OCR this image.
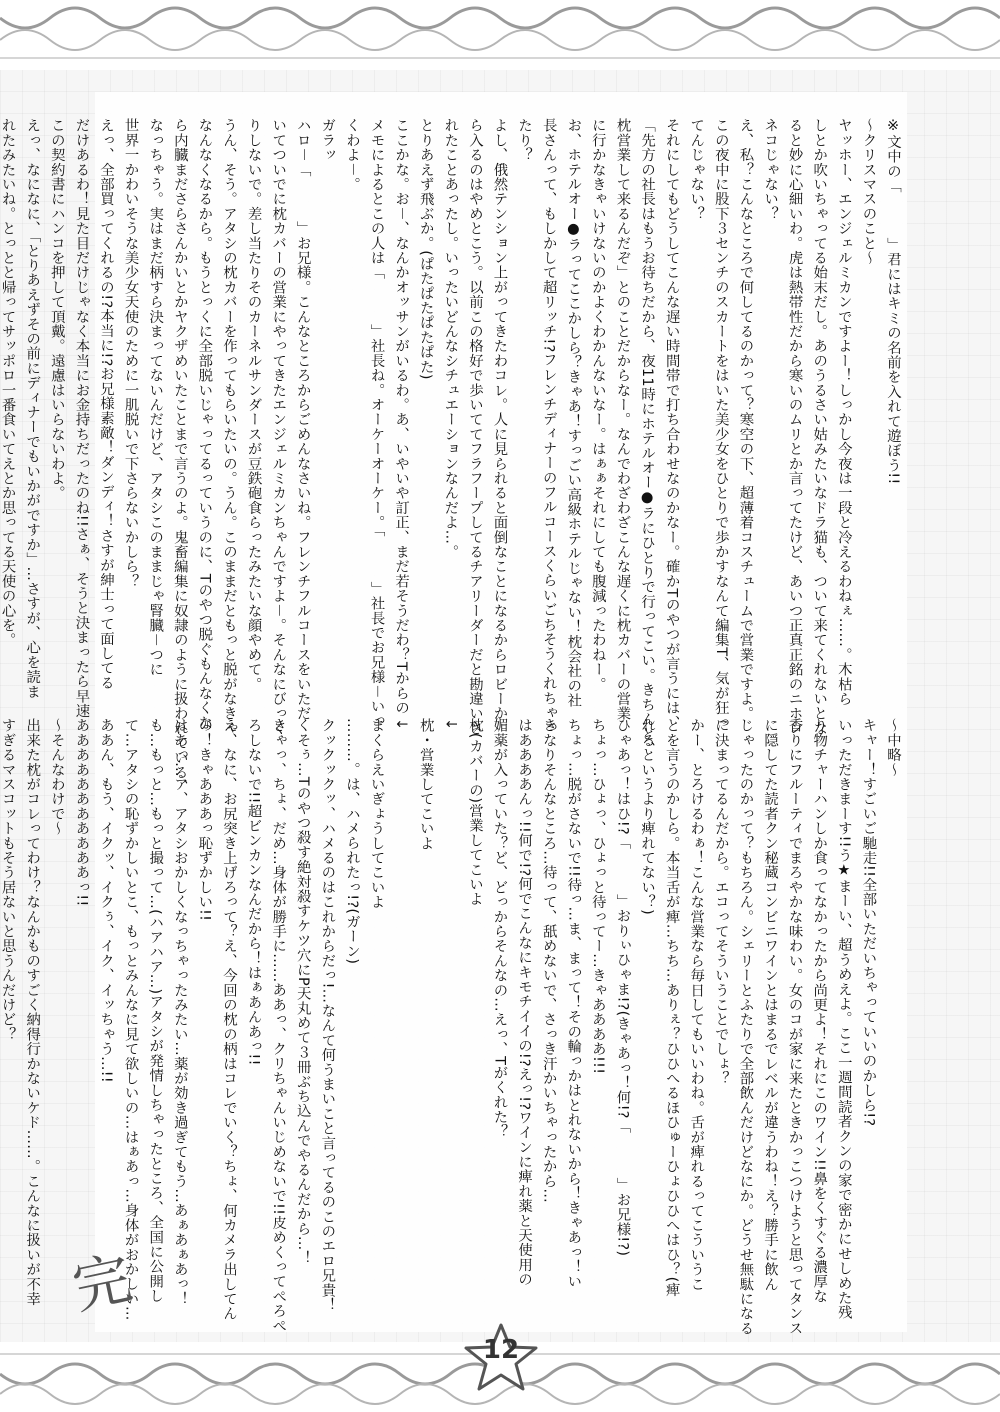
※文中の「　　　」君にはキミの名前を入れて遊ぼう!!
～クリスマスのこと～
ヤッホー、エンジェルミカンですよー！しっかし今夜は一段と冷えるわねぇ……。木枯ら
しとか吹いちゃってる始末だし。あのうるさい姑みたいなドラ猫も、ついて来てくれないとな
ると妙に心細いわ。虎は熱帯性だから寒いのムリとか言ってたけど、あいつ正真正銘のニホン
ネコじゃない？
え、私？こんなところで何してるのかって？寒空の下、超薄着コスチュームで営業ですよ。
この夜中に股下３センチのスカートをはいた美少女をひとりで歩かすなんて編集T、気が狂っ
てんじゃない？
それにしてもどうしてこんな遅い時間帯で打ち合わせなのかなー。確かTのやつが言うには、
「先方の社長はもうお待ちだから、夜11時にホテルオー●ラにひとりで行ってこい。きちんと、
枕営業して来るんだぞ」とのことだからなー。なんでわざわざこんな遅くに枕カバーの営業
に行かなきゃいけないのかよくわかんないなー。はぁぁそれにしても腹減ったわねー。
お、ホテルオー●ラってここかしら？きゃあ！すっごい高級ホテルじゃない！枕会社の社
長さんって、もしかして超リッチ!?フレンチディナーのフルコースくらいごちそうくれちゃっ
たり？
よし、俄然テンション上がってきたわコレ。人に見られると面倒なことになるからロビーか
ら入るのはやめとこう。以前この格好で歩いててフラフープしてるチアリーダーだと勘違いさ
れたことあったし。いったいどんなシチュエーションなんだよ…。
とりあえず飛ぶか。(ぱたぱたぱたぱた)
ここかな。お－、なんかオッサンがいるわ。あ、いやいや訂正、まだ若そうだわ？Tからの
メモによるとこの人は「　　　」社長ね。オーケーオーケー。「　　　」社長でお兄様－いっ
くわよ－。
ガラッ
ハロ－「　　　」お兄様。こんなところからごめんなさいね。フレンチフルコースをいただ
いてついでに枕カバーの営業にやってきたエンジェルミカンちゃんですよ－。そんなにびっく
りしないで。差し当たりそのカーネルサンダースが豆鉄砲食らったみたいな顔やめて。
うん、そう。アタシの枕カバーを作ってもらいたいの。うん。このままだともっと脱がなきゃ
なんなくなるから。もうとっくに全部脱いじゃってるっていうのに、Tのやつ脱ぐもんなくな
ら内臓まださらさんかいとかヤクザめいたことまで言うのよ。鬼畜編集に奴隷のように扱われている、
なっちゃう。実はまだ柄すら決まってないんだけど、アタシこのままじゃ腎臓－つに
世界一かわいそうな美少女天使のために一肌脱いで下さらないかしら？
えっ、全部買ってくれるの!?本当に!?お兄様素敵！ダンディ！さすが紳士って面してる
だけあるわ！見た目だけじゃなく本当にお金持ちだったのね!!さぁ、そうと決まったら早速
この契約書にハンコを押して頂戴。遠慮はいらないわよ。
えっ、なになに、「とりあえずその前にディナーでもいかがですか」…さすが、心を読ま
れたみたいね。とっとと帰ってサッポロ一番食いてえとか思ってる天使の心を。

～中略～
キャー！すごいご馳走!!全部いただいちゃっていいのかしら!?
いっただきまーす!!う★まーい、超うめえよ。ここ一週間読者クンの家で密かにせしめた残
り物チャーハンしか食ってなかったから尚更よ！それにこのワイン!!鼻をくすぐる濃厚な
香りにフルーティでまろやかな味わい。女のコが家に来たときかっこつけようと思ってタンス
に隠してた読者クン秘蔵コンビニワインとはまるでレベルが違うわね！え？勝手に飲ん
じゃったのかって？もちろん。シェリーとふたりで全部飲んだけどなにか。どうせ無駄になる
に決まってるんだから。エコってそういうことでしょ？
かー、とろけるわぁ！こんな営業なら毎日してもいいわね。舌が痺れるってこういうこ
とを言うのかしら。本当舌が痺…ちち…ありぇ？ひひへるほひゅーひょひひへはひ？(痺
れるというより痺れてない？)
ひゃあっ！はひ!?「　　　」おりぃひゃま!?(きゃあっ！何!?「　　　」お兄様!?)
ちょっ…ひょっ、ひょっと待ってー…きゃああああ!!!
ちょっ…脱がさないで!!待っ…ま、まって！その輪っかはとれないから！きゃあっ！い
きなりそんなところ…待って、舐めないで、さっき汗かいちゃったから…
はああああんっ!!何で!?何でこんなにキモチイイの!?えっ!?ワインに痺れ薬と天使用の
媚薬が入っていた？ど、どっからそんなの…えっ、Tがくれた？
枕(カバーの)営業してこいよ
↓
枕・営業してこいよ
↓
まくらえいぎょうしてこいよ
………。は、ハメられたっ!?(ガーン)
クックックッ、ハメるのはこれからだっ!…なんて何うまいこと言ってるのこのエロ兄貴！
くそぅ…Tのやつ殺す絶対殺すケツ穴にP天丸めて３冊ぶち込んでやるんだから…！
きゃっ、ちょ、だめ…身体が勝手に……ああっ、クリちゃんいじめないで!!皮めくってぺろぺ
ろしないで!!超ビンカンなんだから！はぁあんあっ!!
え、なに、お尻突き上げろって？え、今回の枕の柄はコレでいく？ちょ、何カメラ出してん
の！きゃあああっ恥ずかしい!!
はあっ…ア、アタシおかしくなっちゃったみたい…薬が効き過ぎてもう…あぁあぁあっ！
も…もっと…もっと撮って…(ハアハア…)アタシが発情しちゃったところ、全国に公開し
て…アタシの恥ずかしいとこ、もっとみんなに見て欲しいの…はぁあっ…身体がおかしい…
ああん、もう、イクッ、イクぅ、イク、イッちゃう…!!
あああああああああああっ!!
～そんなわけで～
出来た枕がコレってわけ？なんかものすごく納得行かないケド……。こんなに扱いが不幸
すぎるマスコットもそう居ないと思うんだけど？

完
12
